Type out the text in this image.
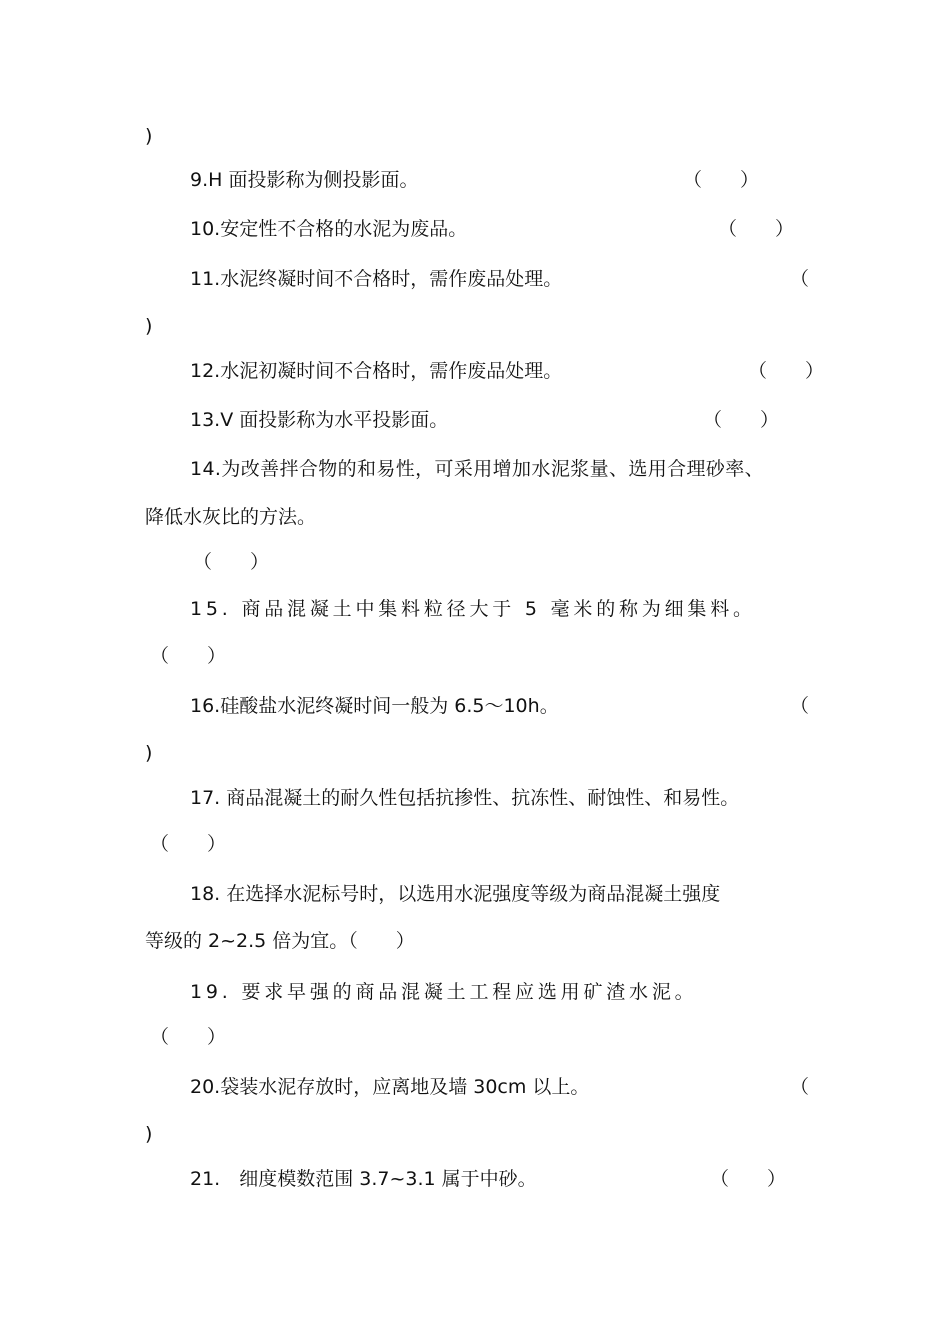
)
9.H 面投影称为侧投影面。	（　　）
10.安定性不合格的水泥为废品。	（　　）
11.水泥终凝时间不合格时，需作废品处理。	（
)
12.水泥初凝时间不合格时，需作废品处理。	（　　）
13.V 面投影称为水平投影面。	（　　）
14.为改善拌合物的和易性，可采用增加水泥浆量、选用合理砂率、
降低水灰比的方法。
（　　）
15. 商品混凝土中集料粒径大于 5 毫米的称为细集料。
（　　）
16.硅酸盐水泥终凝时间一般为 6.5～10h。	（
)
17. 商品混凝土的耐久性包括抗掺性、抗冻性、耐蚀性、和易性。
（　　）
18. 在选择水泥标号时，以选用水泥强度等级为商品混凝土强度
等级的 2~2.5 倍为宜。（　　）
19. 要求早强的商品混凝土工程应选用矿渣水泥。
（　　）
20.袋装水泥存放时，应离地及墙 30cm 以上。	（
)
21.　细度模数范围 3.7~3.1 属于中砂。	（　　）
